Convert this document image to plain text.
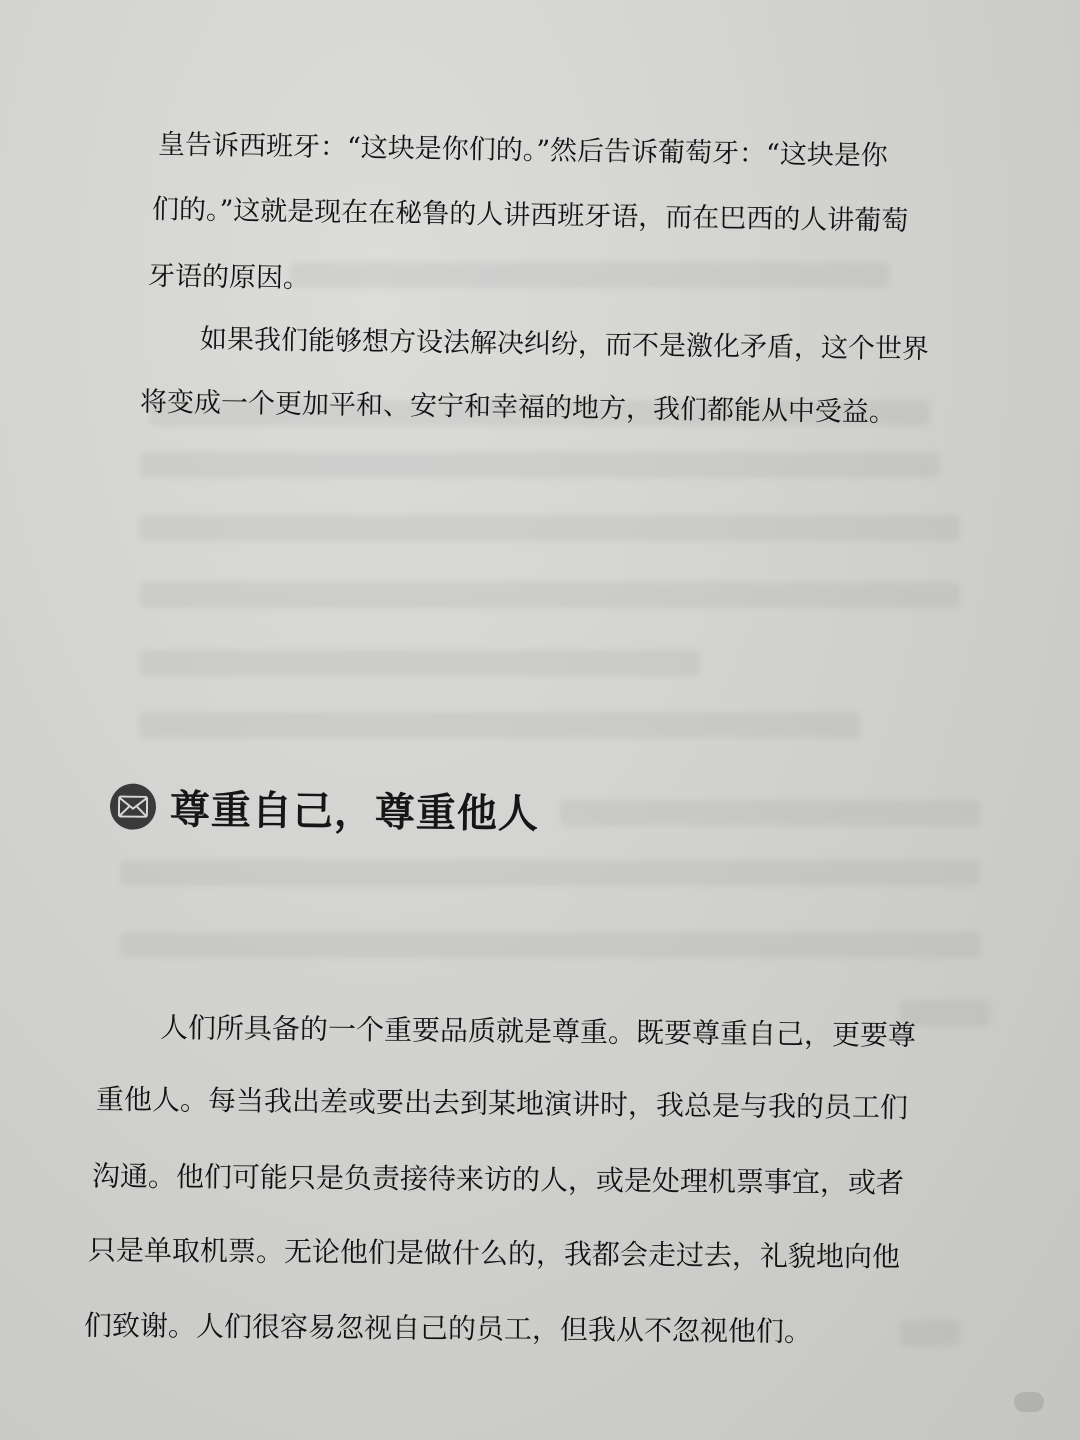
皇告诉西班牙：“这块是你们的。”然后告诉葡萄牙：“这块是你
们的。”这就是现在在秘鲁的人讲西班牙语，而在巴西的人讲葡萄
牙语的原因。
如果我们能够想方设法解决纠纷，而不是激化矛盾，这个世界
将变成一个更加平和、安宁和幸福的地方，我们都能从中受益。
尊重自己，尊重他人
人们所具备的一个重要品质就是尊重。既要尊重自己，更要尊
重他人。每当我出差或要出去到某地演讲时，我总是与我的员工们
沟通。他们可能只是负责接待来访的人，或是处理机票事宜，或者
只是单取机票。无论他们是做什么的，我都会走过去，礼貌地向他
们致谢。人们很容易忽视自己的员工，但我从不忽视他们。
